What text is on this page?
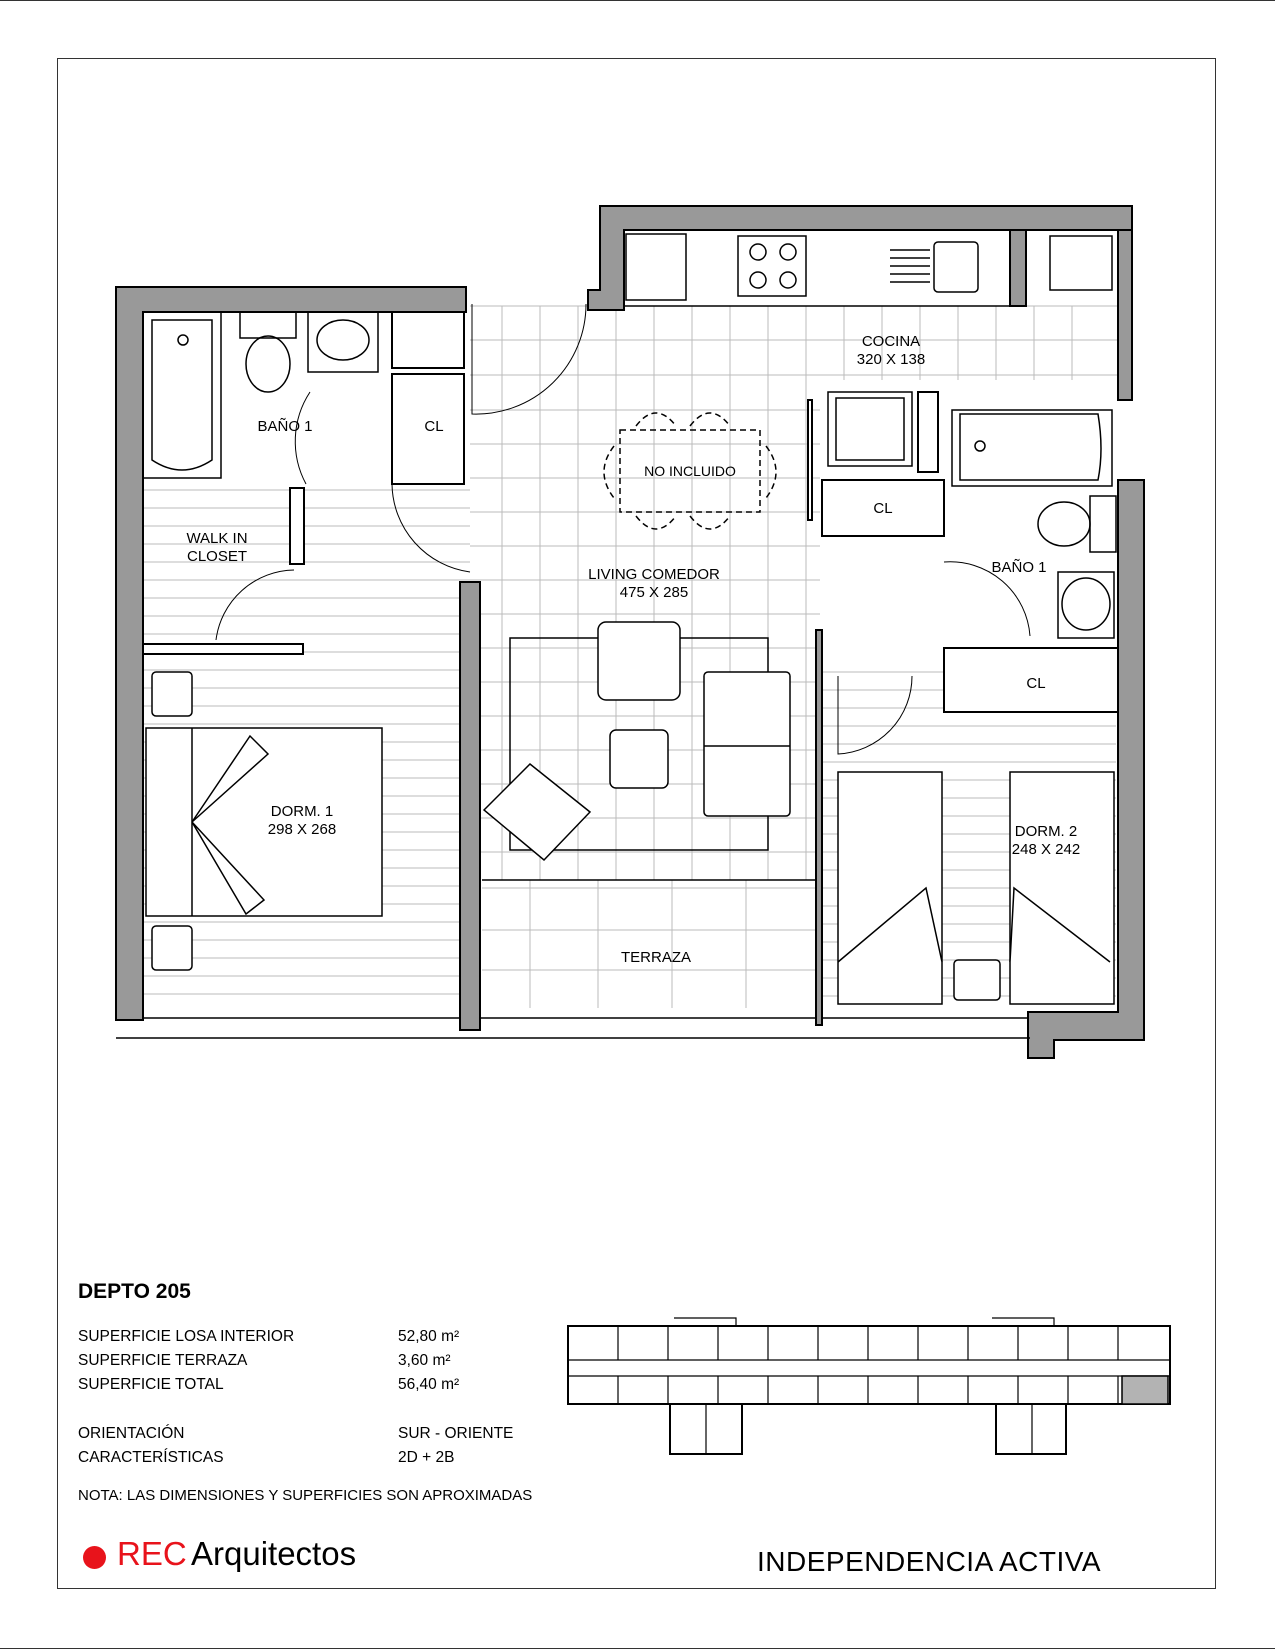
COCINA
320 X 138
BAÑO 1	CL
WALK IN
CLOSET
NO INCLUIDO
LIVING COMEDOR
475 X 285
CL
BAÑO 1
CL
DORM. 1
298 X 268	DORM. 2
248 X 242
TERRAZA
DEPTO 205
SUPERFICIE LOSA INTERIOR	52,80 m²
SUPERFICIE TERRAZA	3,60 m²
SUPERFICIE TOTAL	56,40 m²
ORIENTACIÓN	SUR - ORIENTE
CARACTERÍSTICAS	2D + 2B
NOTA: LAS DIMENSIONES Y SUPERFICIES SON APROXIMADAS
REC Arquitectos	INDEPENDENCIA ACTIVA
